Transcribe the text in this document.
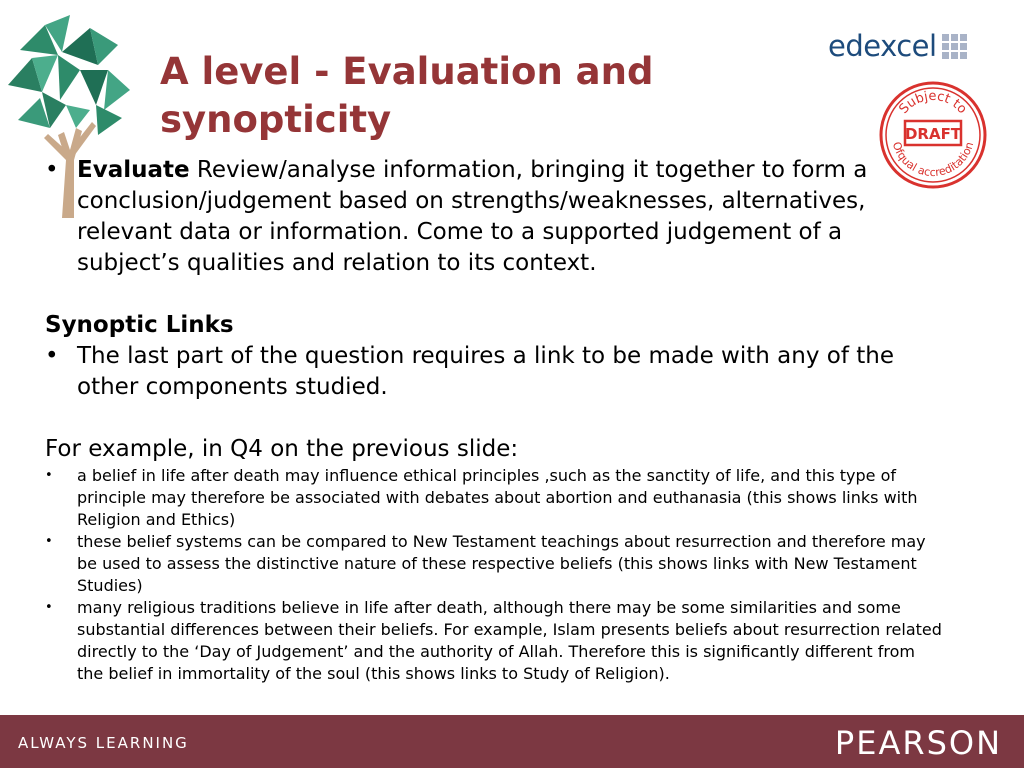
A level - Evaluation and synopticity
edexcel
Subject to
Ofqual accreditation
DRAFT
• Evaluate Review/analyse information, bringing it together to form a conclusion/judgement based on strengths/weaknesses, alternatives, relevant data or information. Come to a supported judgement of a subject’s qualities and relation to its context.
Synoptic Links
• The last part of the question requires a link to be made with any of the other components studied.
For example, in Q4 on the previous slide:
•	a belief in life after death may influence ethical principles ,such as the sanctity of life, and this type of principle may therefore be associated with debates about abortion and euthanasia (this shows links with Religion and Ethics)
•	these belief systems can be compared to New Testament teachings about resurrection and therefore may be used to assess the distinctive nature of these respective beliefs (this shows links with New Testament Studies)
•	many religious traditions believe in life after death, although there may be some similarities and some substantial differences between their beliefs. For example, Islam presents beliefs about resurrection related directly to the ‘Day of Judgement’ and the authority of Allah. Therefore this is significantly different from the belief in immortality of the soul (this shows links to Study of Religion).
ALWAYS LEARNING	PEARSON
